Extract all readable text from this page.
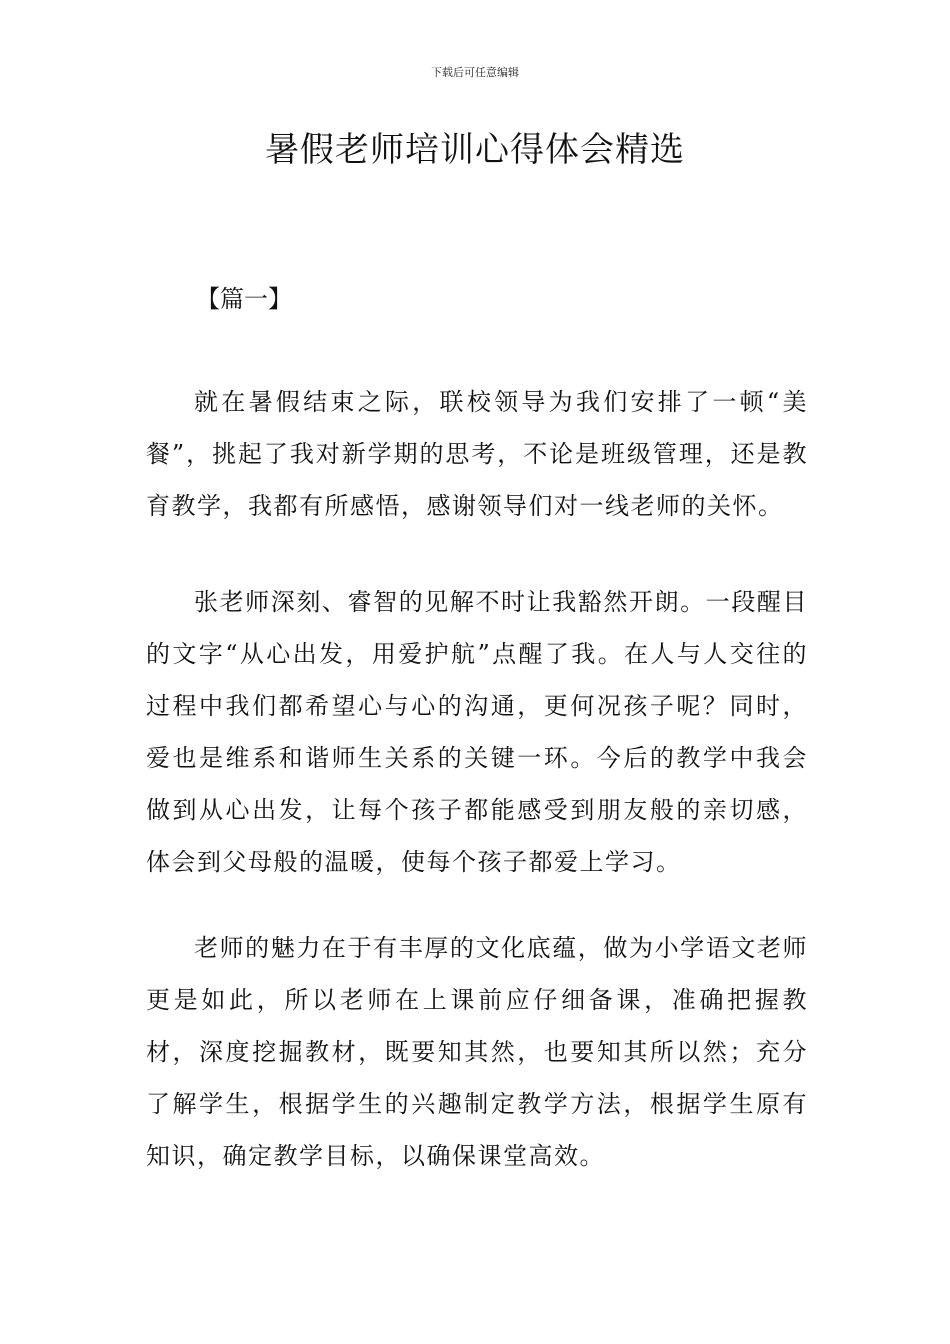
下载后可任意编辑
暑假老师培训心得体会精选
【篇一】

就在暑假结束之际，联校领导为我们安排了一顿“美餐”，挑起了我对新学期的思考，不论是班级管理，还是教育教学，我都有所感悟，感谢领导们对一线老师的关怀。

张老师深刻、睿智的见解不时让我豁然开朗。一段醒目的文字“从心出发，用爱护航”点醒了我。在人与人交往的过程中我们都希望心与心的沟通，更何况孩子呢？同时，爱也是维系和谐师生关系的关键一环。今后的教学中我会做到从心出发，让每个孩子都能感受到朋友般的亲切感，体会到父母般的温暖，使每个孩子都爱上学习。

老师的魅力在于有丰厚的文化底蕴，做为小学语文老师更是如此，所以老师在上课前应仔细备课，准确把握教材，深度挖掘教材，既要知其然，也要知其所以然；充分了解学生，根据学生的兴趣制定教学方法，根据学生原有知识，确定教学目标，以确保课堂高效。
